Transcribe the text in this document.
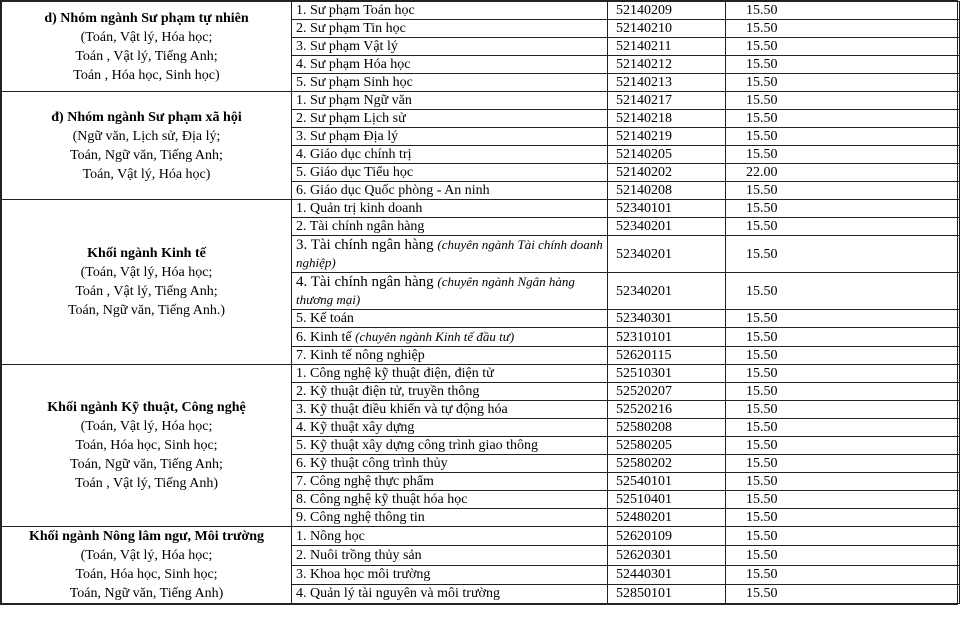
d) Nhóm ngành Sư phạm tự nhiên
(Toán, Vật lý, Hóa học;
Toán , Vật lý, Tiếng Anh;
Toán , Hóa học, Sinh học)	1. Sư phạm Toán học	52140209	15.50
	2. Sư phạm Tin học	52140210	15.50
	3. Sư phạm Vật lý	52140211	15.50
	4. Sư phạm Hóa học	52140212	15.50
	5. Sư phạm Sinh học	52140213	15.50

đ) Nhóm ngành Sư phạm xã hội
(Ngữ văn, Lịch sử, Địa lý;
Toán, Ngữ văn, Tiếng Anh;
Toán, Vật lý, Hóa học)	1. Sư phạm Ngữ văn	52140217	15.50
	2. Sư phạm Lịch sử	52140218	15.50
	3. Sư phạm Địa lý	52140219	15.50
	4. Giáo dục chính trị	52140205	15.50
	5. Giáo dục Tiểu học	52140202	22.00
	6. Giáo dục Quốc phòng - An ninh	52140208	15.50

Khối ngành Kinh tế
(Toán, Vật lý, Hóa học;
Toán , Vật lý, Tiếng Anh;
Toán, Ngữ văn, Tiếng Anh.)	1. Quản trị kinh doanh	52340101	15.50
	2. Tài chính ngân hàng	52340201	15.50
	3. Tài chính ngân hàng (chuyên ngành Tài chính doanh nghiệp)	52340201	15.50
	4. Tài chính ngân hàng (chuyên ngành Ngân hàng thương mại)	52340201	15.50
	5. Kế toán	52340301	15.50
	6. Kinh tế (chuyên ngành Kinh tế đầu tư)	52310101	15.50
	7. Kinh tế nông nghiệp	52620115	15.50

Khối ngành Kỹ thuật, Công nghệ
(Toán, Vật lý, Hóa học;
Toán, Hóa học, Sinh học;
Toán, Ngữ văn, Tiếng Anh;
Toán , Vật lý, Tiếng Anh)	1. Công nghệ kỹ thuật điện, điện tử	52510301	15.50
	2. Kỹ thuật điện tử, truyền thông	52520207	15.50
	3. Kỹ thuật điều khiển và tự động hóa	52520216	15.50
	4. Kỹ thuật xây dựng	52580208	15.50
	5. Kỹ thuật xây dựng công trình giao thông	52580205	15.50
	6. Kỹ thuật công trình thủy	52580202	15.50
	7. Công nghệ thực phẩm	52540101	15.50
	8. Công nghệ kỹ thuật hóa học	52510401	15.50
	9. Công nghệ thông tin	52480201	15.50

Khối ngành Nông lâm ngư, Môi trường
(Toán, Vật lý, Hóa học;
Toán, Hóa học, Sinh học;
Toán, Ngữ văn, Tiếng Anh)	1. Nông học	52620109	15.50
	2. Nuôi trồng thủy sản	52620301	15.50
	3. Khoa học môi trường	52440301	15.50
	4. Quản lý tài nguyên và môi trường	52850101	15.50
